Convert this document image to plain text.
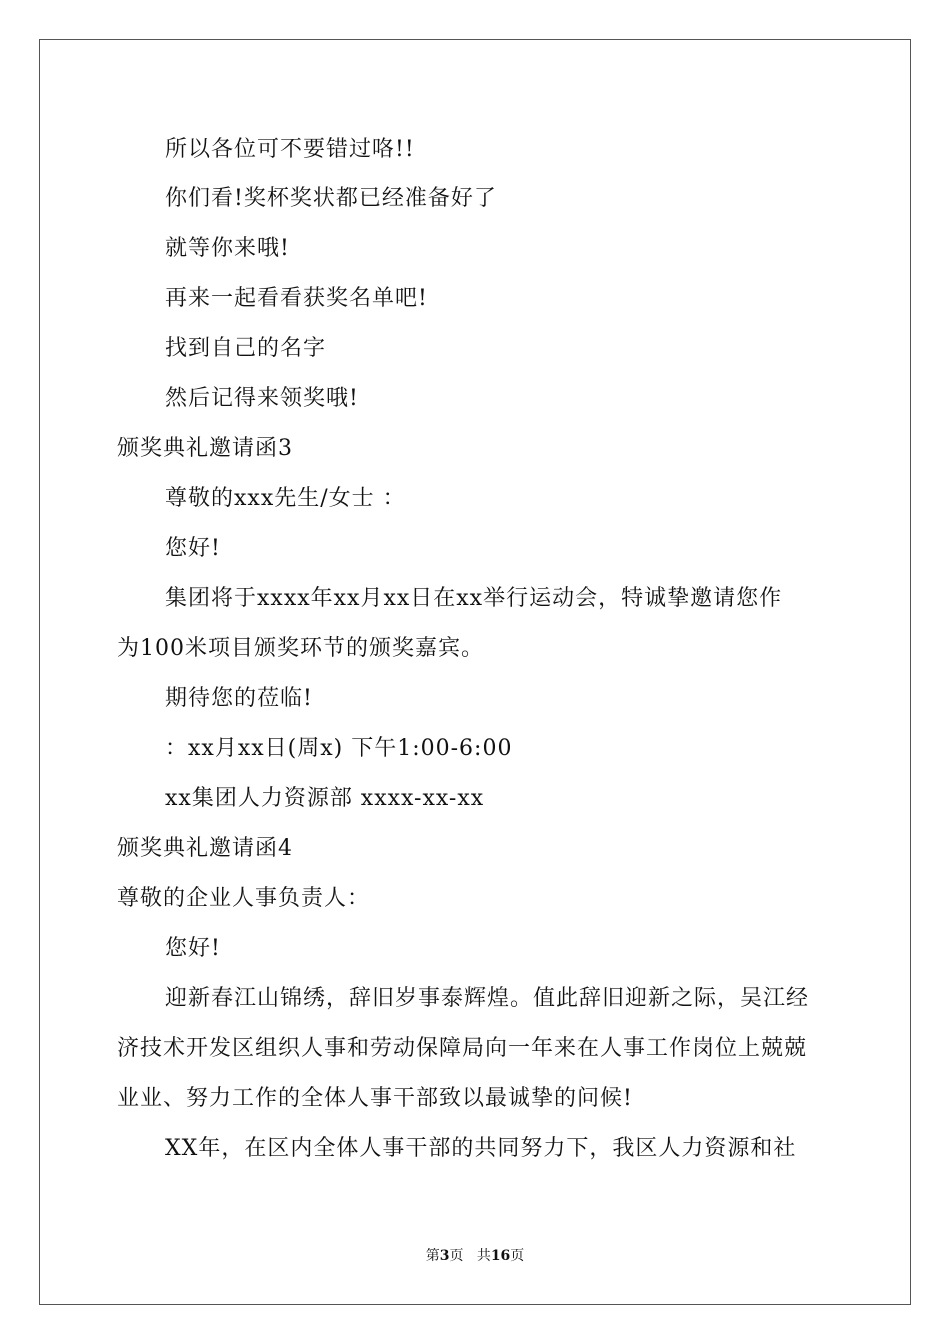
所以各位可不要错过咯!!
你们看!奖杯奖状都已经准备好了
就等你来哦!
再来一起看看获奖名单吧!
找到自己的名字
然后记得来领奖哦!
颁奖典礼邀请函3
尊敬的xxx先生/女士 ：
您好!
集团将于xxxx年xx月xx日在xx举行运动会，特诚挚邀请您作
为100米项目颁奖环节的颁奖嘉宾。
期待您的莅临!
：xx月xx日(周x) 下午1:00-6:00
xx集团人力资源部 xxxx-xx-xx
颁奖典礼邀请函4
尊敬的企业人事负责人：
您好!
迎新春江山锦绣，辞旧岁事泰辉煌。值此辞旧迎新之际，吴江经
济技术开发区组织人事和劳动保障局向一年来在人事工作岗位上兢兢
业业、努力工作的全体人事干部致以最诚挚的问候!
XX年，在区内全体人事干部的共同努力下，我区人力资源和社
第3页 共16页
